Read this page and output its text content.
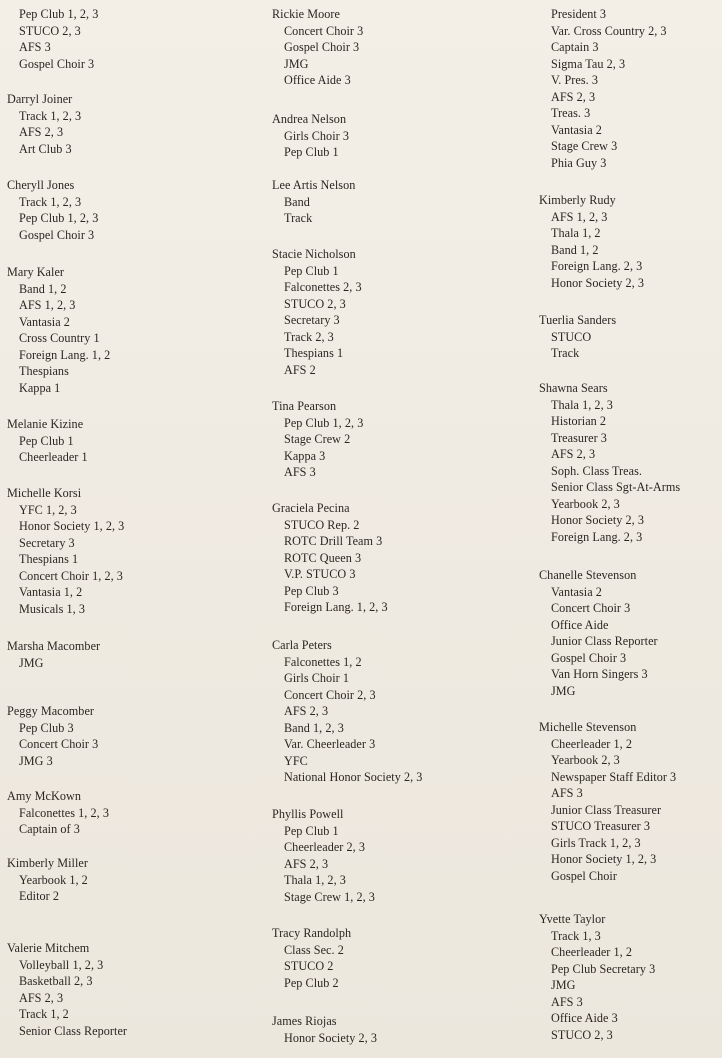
Pep Club 1, 2, 3
STUCO 2, 3
AFS 3
Gospel Choir 3
Darryl Joiner
Track 1, 2, 3
AFS 2, 3
Art Club 3
Cheryll Jones
Track 1, 2, 3
Pep Club 1, 2, 3
Gospel Choir 3
Mary Kaler
Band 1, 2
AFS 1, 2, 3
Vantasia 2
Cross Country 1
Foreign Lang. 1, 2
Thespians
Kappa 1
Melanie Kizine
Pep Club 1
Cheerleader 1
Michelle Korsi
YFC 1, 2, 3
Honor Society 1, 2, 3
Secretary 3
Thespians 1
Concert Choir 1, 2, 3
Vantasia 1, 2
Musicals 1, 3
Marsha Macomber
JMG
Peggy Macomber
Pep Club 3
Concert Choir 3
JMG 3
Amy McKown
Falconettes 1, 2, 3
Captain of 3
Kimberly Miller
Yearbook 1, 2
Editor 2
Valerie Mitchem
Volleyball 1, 2, 3
Basketball 2, 3
AFS 2, 3
Track 1, 2
Senior Class Reporter
Rickie Moore
Concert Choir 3
Gospel Choir 3
JMG
Office Aide 3
Andrea Nelson
Girls Choir 3
Pep Club 1
Lee Artis Nelson
Band
Track
Stacie Nicholson
Pep Club 1
Falconettes 2, 3
STUCO 2, 3
Secretary 3
Track 2, 3
Thespians 1
AFS 2
Tina Pearson
Pep Club 1, 2, 3
Stage Crew 2
Kappa 3
AFS 3
Graciela Pecina
STUCO Rep. 2
ROTC Drill Team 3
ROTC Queen 3
V.P. STUCO 3
Pep Club 3
Foreign Lang. 1, 2, 3
Carla Peters
Falconettes 1, 2
Girls Choir 1
Concert Choir 2, 3
AFS 2, 3
Band 1, 2, 3
Var. Cheerleader 3
YFC
National Honor Society 2, 3
Phyllis Powell
Pep Club 1
Cheerleader 2, 3
AFS 2, 3
Thala 1, 2, 3
Stage Crew 1, 2, 3
Tracy Randolph
Class Sec. 2
STUCO 2
Pep Club 2
James Riojas
Honor Society 2, 3
President 3
Var. Cross Country 2, 3
Captain 3
Sigma Tau 2, 3
V. Pres. 3
AFS 2, 3
Treas. 3
Vantasia 2
Stage Crew 3
Phia Guy 3
Kimberly Rudy
AFS 1, 2, 3
Thala 1, 2
Band 1, 2
Foreign Lang. 2, 3
Honor Society 2, 3
Tuerlia Sanders
STUCO
Track
Shawna Sears
Thala 1, 2, 3
Historian 2
Treasurer 3
AFS 2, 3
Soph. Class Treas.
Senior Class Sgt-At-Arms
Yearbook 2, 3
Honor Society 2, 3
Foreign Lang. 2, 3
Chanelle Stevenson
Vantasia 2
Concert Choir 3
Office Aide
Junior Class Reporter
Gospel Choir 3
Van Horn Singers 3
JMG
Michelle Stevenson
Cheerleader 1, 2
Yearbook 2, 3
Newspaper Staff Editor 3
AFS 3
Junior Class Treasurer
STUCO Treasurer 3
Girls Track 1, 2, 3
Honor Society 1, 2, 3
Gospel Choir
Yvette Taylor
Track 1, 3
Cheerleader 1, 2
Pep Club Secretary 3
JMG
AFS 3
Office Aide 3
STUCO 2, 3
